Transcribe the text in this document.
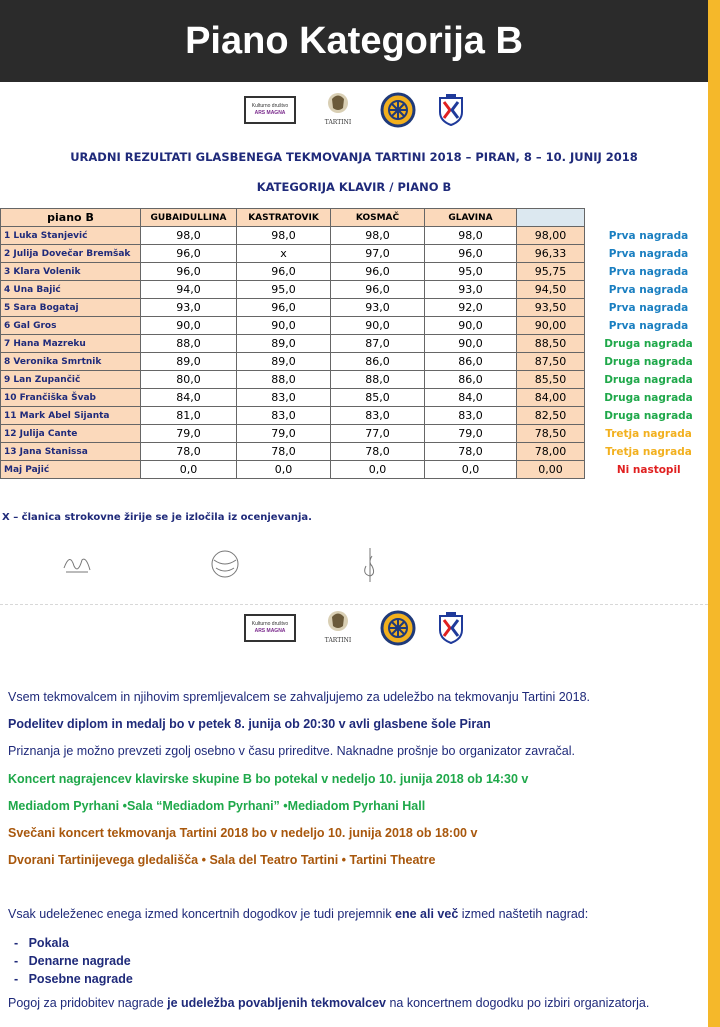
Piano Kategorija B
Kulturno društvo
ARS MAGNA
TARTINI
URADNI REZULTATI GLASBENEGA TEKMOVANJA TARTINI 2018 – PIRAN, 8 – 10. JUNIJ 2018
KATEGORIJA KLAVIR / PIANO B
piano B	GUBAIDULLINA	KASTRATOVIK	KOSMAČ	GLAVINA		
1 Luka Stanjević	98,0	98,0	98,0	98,0	98,00	Prva nagrada
2 Julija Dovečar Bremšak	96,0	x	97,0	96,0	96,33	Prva nagrada
3 Klara Volenik	96,0	96,0	96,0	95,0	95,75	Prva nagrada
4 Una Bajić	94,0	95,0	96,0	93,0	94,50	Prva nagrada
5 Sara Bogataj	93,0	96,0	93,0	92,0	93,50	Prva nagrada
6 Gal Gros	90,0	90,0	90,0	90,0	90,00	Prva nagrada
7 Hana Mazreku	88,0	89,0	87,0	90,0	88,50	Druga nagrada
8 Veronika Smrtnik	89,0	89,0	86,0	86,0	87,50	Druga nagrada
9 Lan Zupančič	80,0	88,0	88,0	86,0	85,50	Druga nagrada
10 Frančiška Švab	84,0	83,0	85,0	84,0	84,00	Druga nagrada
11 Mark Abel Sijanta	81,0	83,0	83,0	83,0	82,50	Druga nagrada
12 Julija Cante	79,0	79,0	77,0	79,0	78,50	Tretja nagrada
13 Jana Stanissa	78,0	78,0	78,0	78,0	78,00	Tretja nagrada
Maj Pajić	0,0	0,0	0,0	0,0	0,00	Ni nastopil
X – članica strokovne žirije se je izločila iz ocenjevanja.
Kulturno društvo
ARS MAGNA
TARTINI
Vsem tekmovalcem in njihovim spremljevalcem se zahvaljujemo za udeležbo na tekmovanju Tartini 2018.
Podelitev diplom in medalj bo v petek 8. junija ob 20:30 v avli glasbene šole Piran
Priznanja je možno prevzeti zgolj osebno v času prireditve. Naknadne prošnje bo organizator zavračal.
Koncert nagrajencev klavirske skupine B bo potekal v nedeljo 10. junija 2018 ob 14:30 v
Mediadom Pyrhani •Sala “Mediadom Pyrhani” •Mediadom Pyrhani Hall
Svečani koncert tekmovanja Tartini 2018 bo v nedeljo 10. junija 2018 ob 18:00 v
Dvorani Tartinijevega gledališča • Sala del Teatro Tartini • Tartini Theatre
Vsak udeleženec enega izmed koncertnih dogodkov je tudi prejemnik ene ali več izmed naštetih nagrad:
-   Pokala
-   Denarne nagrade
-   Posebne nagrade
Pogoj za pridobitev nagrade je udeležba povabljenih tekmovalcev na koncertnem dogodku po izbiri organizatorja.
